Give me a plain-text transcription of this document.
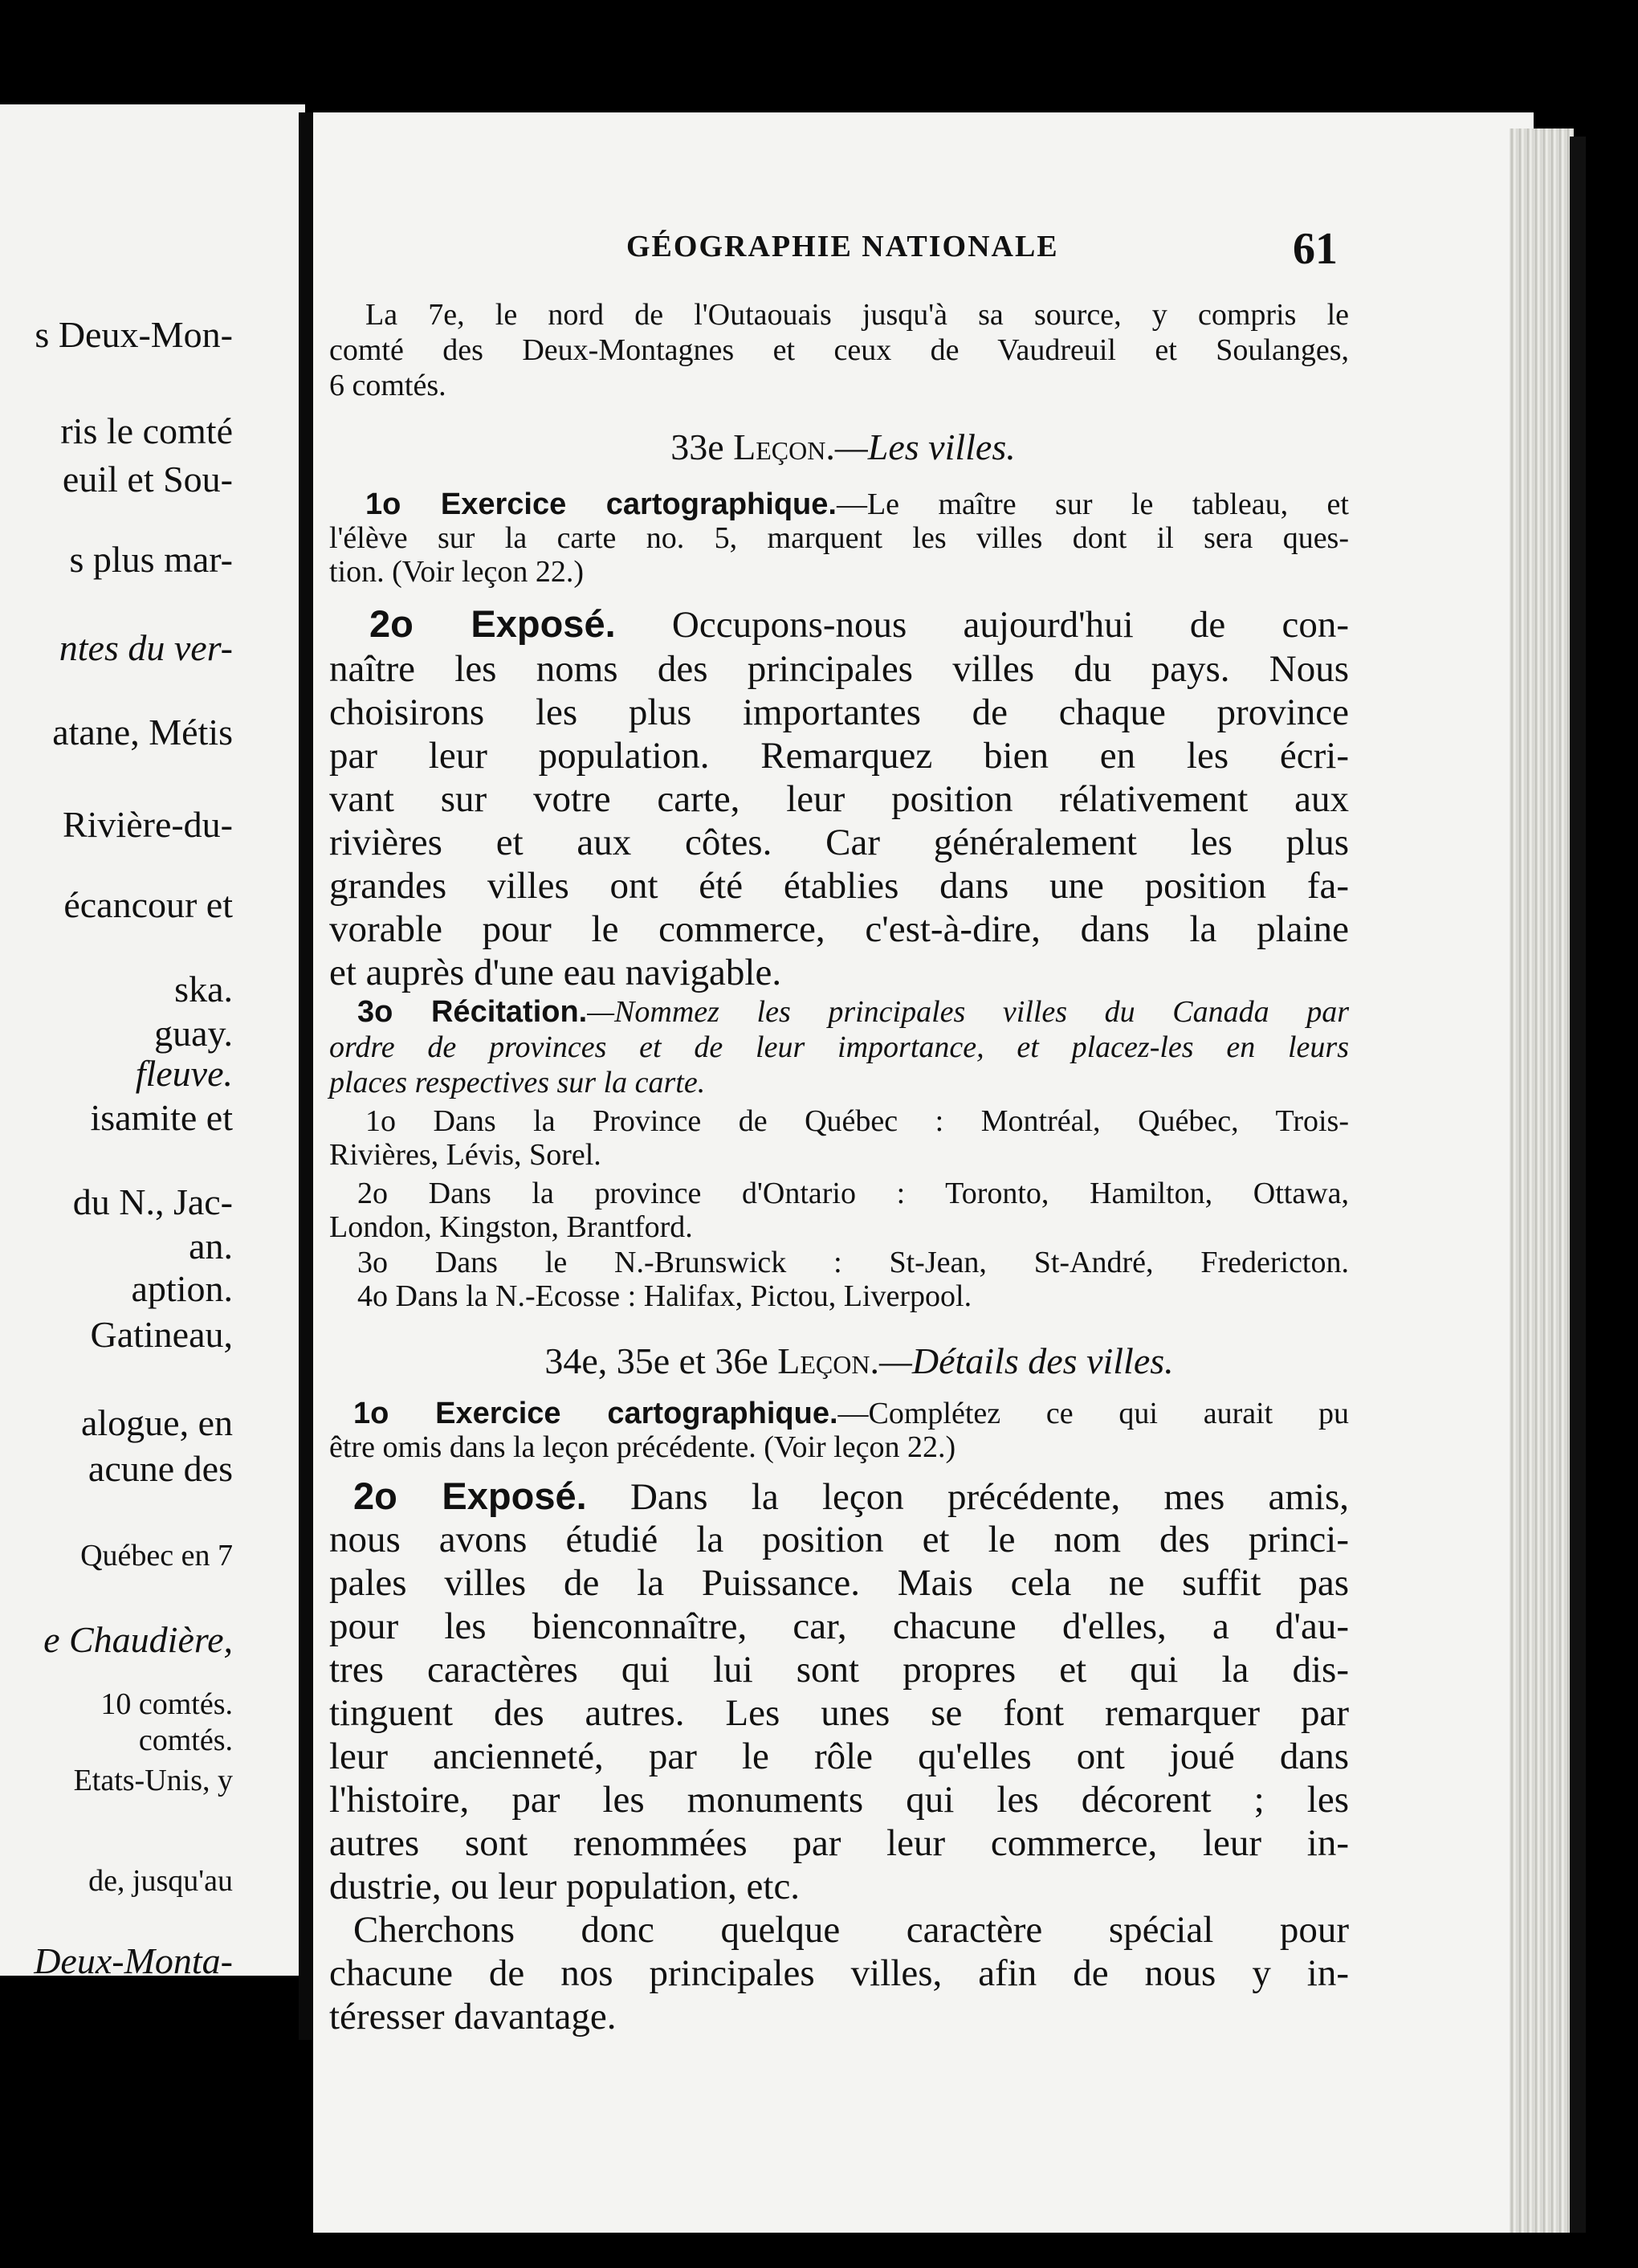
s Deux-Mon-
ris le comté
euil et Sou-
s plus mar-
ntes du ver-
atane, Métis
Rivière-du-
écancour et
ska.
guay.
fleuve.
isamite et
du N., Jac-
an.
aption.
Gatineau,
alogue, en
acune des
Québec en 7
e Chaudière,
10 comtés.
comtés.
Etats-Unis, y
de, jusqu'au
Deux-Monta-
GÉOGRAPHIE NATIONALE	61
La 7e, le nord de l'Outaouais jusqu'à sa source, y compris le
comté des Deux-Montagnes et ceux de Vaudreuil et Soulanges,
6 comtés.
33e Leçon.—Les villes.
1o Exercice cartographique.—Le maître sur le tableau, et
l'élève sur la carte no. 5, marquent les villes dont il sera ques-
tion. (Voir leçon 22.)
2o Exposé. Occupons-nous aujourd'hui de con-
naître les noms des principales villes du pays. Nous
choisirons les plus importantes de chaque province
par leur population. Remarquez bien en les écri-
vant sur votre carte, leur position rélativement aux
rivières et aux côtes. Car généralement les plus
grandes villes ont été établies dans une position fa-
vorable pour le commerce, c'est-à-dire, dans la plaine
et auprès d'une eau navigable.
3o Récitation.—Nommez les principales villes du Canada par
ordre de provinces et de leur importance, et placez-les en leurs
places respectives sur la carte.
1o Dans la Province de Québec : Montréal, Québec, Trois-
Rivières, Lévis, Sorel.
2o Dans la province d'Ontario : Toronto, Hamilton, Ottawa,
London, Kingston, Brantford.
3o Dans le N.-Brunswick : St-Jean, St-André, Fredericton.
4o Dans la N.-Ecosse : Halifax, Pictou, Liverpool.
34e, 35e et 36e Leçon.—Détails des villes.
1o Exercice cartographique.—Complétez ce qui aurait pu
être omis dans la leçon précédente. (Voir leçon 22.)
2o Exposé. Dans la leçon précédente, mes amis,
nous avons étudié la position et le nom des princi-
pales villes de la Puissance. Mais cela ne suffit pas
pour les bienconnaître, car, chacune d'elles, a d'au-
tres caractères qui lui sont propres et qui la dis-
tinguent des autres. Les unes se font remarquer par
leur ancienneté, par le rôle qu'elles ont joué dans
l'histoire, par les monuments qui les décorent ; les
autres sont renommées par leur commerce, leur in-
dustrie, ou leur population, etc.
Cherchons donc quelque caractère spécial pour
chacune de nos principales villes, afin de nous y in-
téresser davantage.
